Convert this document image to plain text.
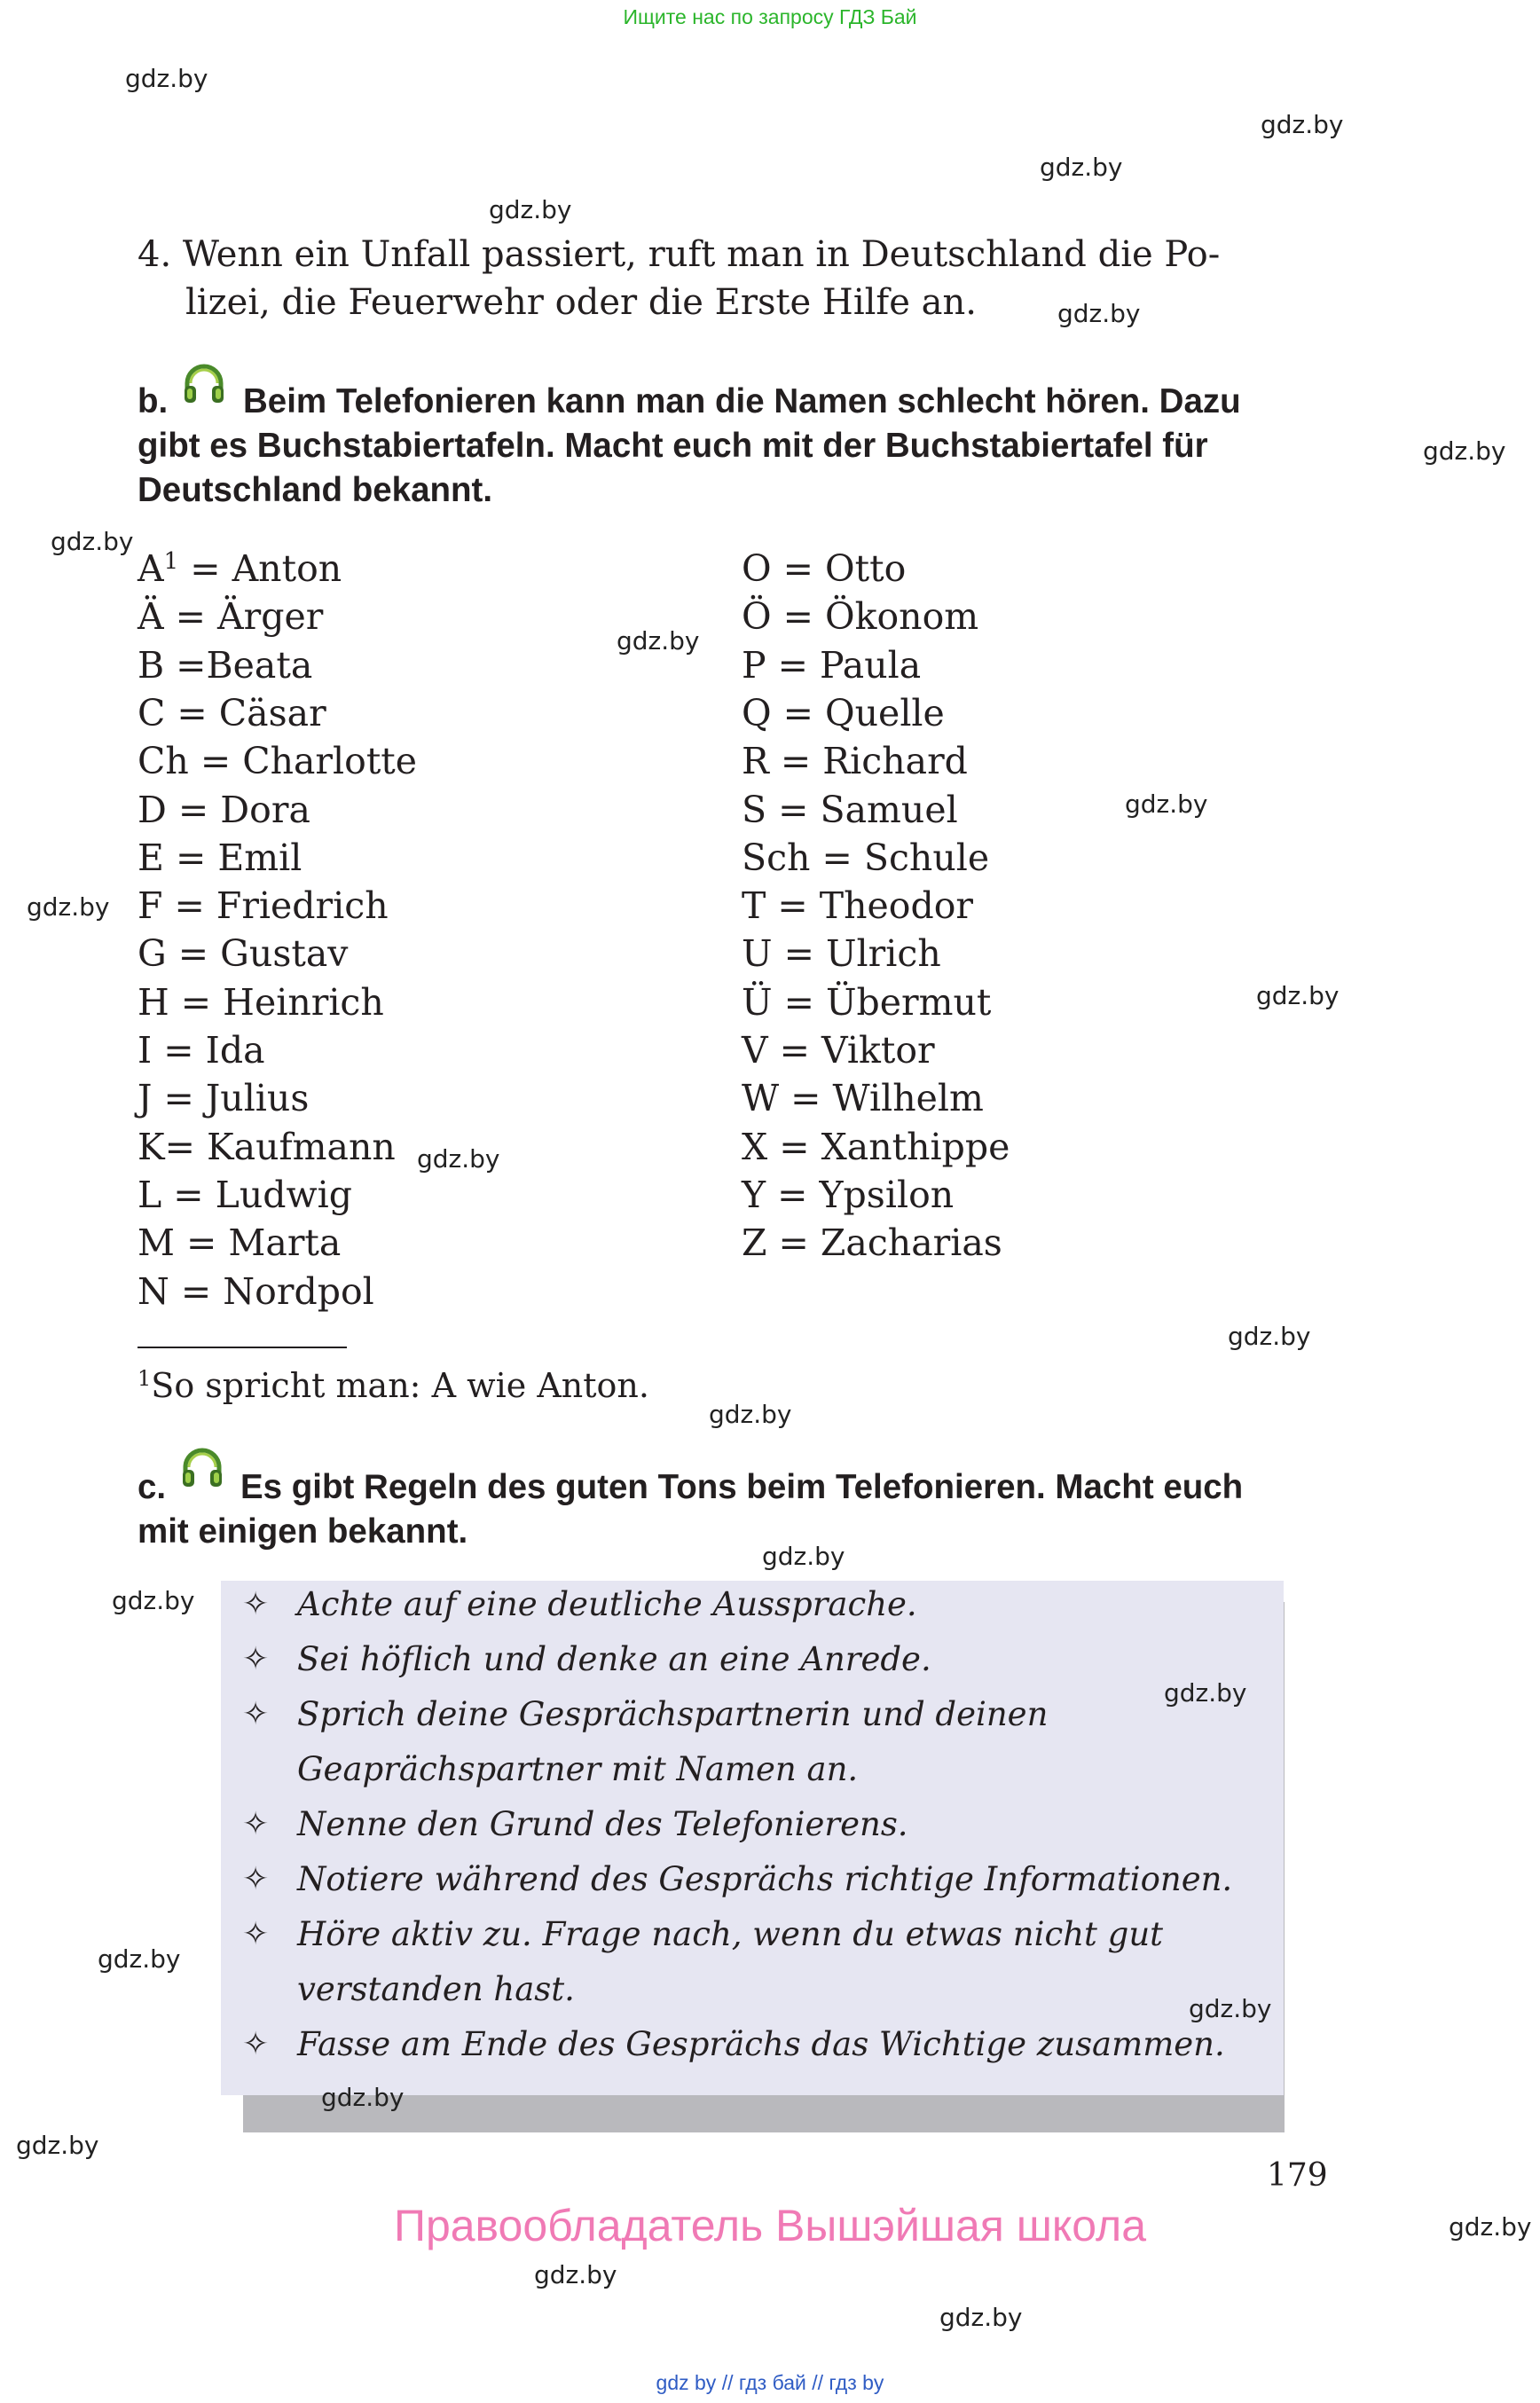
Ищите нас по запросу ГДЗ Бай
4. Wenn ein Unfall passiert, ruft man in Deutschland die Po-
lizei, die Feuerwehr oder die Erste Hilfe an.
b. Beim Telefonieren kann man die Namen schlecht hören. Dazu
gibt es Buchstabiertafeln. Macht euch mit der Buchstabiertafel für
Deutschland bekannt.
$A^1$ = Anton
Ä = Ärger
B =Beata
C = Cäsar
Ch = Charlotte
D = Dora
E = Emil
F = Friedrich
G = Gustav
H = Heinrich
I = Ida
J = Julius
K= Kaufmann
L = Ludwig
M = Marta
N = Nordpol
O = Otto
Ö = Ökonom
P = Paula
Q = Quelle
R = Richard
S = Samuel
Sch = Schule
T = Theodor
U = Ulrich
Ü = Übermut
V = Viktor
W = Wilhelm
X = Xanthippe
Y = Ypsilon
Z = Zacharias
$^1$So spricht man: A wie Anton.
c. Es gibt Regeln des guten Tons beim Telefonieren. Macht euch
mit einigen bekannt.
✧ Achte auf eine deutliche Aussprache.
✧ Sei höflich und denke an eine Anrede.
✧ Sprich deine Gesprächspartnerin und deinen Geaprächspartner mit Namen an.
✧ Nenne den Grund des Telefonierens.
✧ Notiere während des Gesprächs richtige Informationen.
✧ Höre aktiv zu. Frage nach, wenn du etwas nicht gut verstanden hast.
✧ Fasse am Ende des Gesprächs das Wichtige zusammen.
179
Правообладатель Вышэйшая школа
gdz by // гдз бай // гдз by
gdz.by
gdz.by
gdz.by
gdz.by
gdz.by
gdz.by
gdz.by
gdz.by
gdz.by
gdz.by
gdz.by
gdz.by
gdz.by
gdz.by
gdz.by
gdz.by
gdz.by
gdz.by
gdz.by
gdz.by
gdz.by
gdz.by
gdz.by
gdz.by
